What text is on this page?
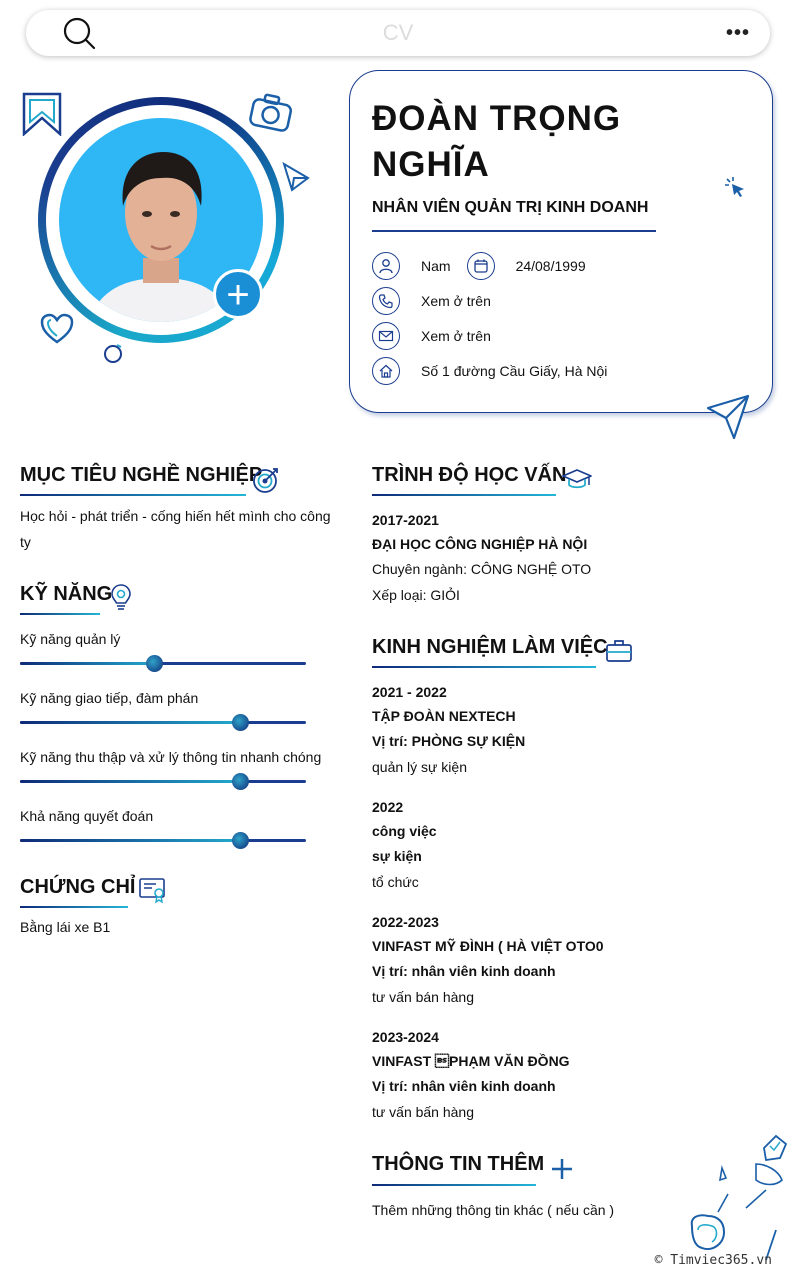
CV	•••
+
ĐOÀN TRỌNG NGHĨA
NHÂN VIÊN QUẢN TRỊ KINH DOANH
Nam	24/08/1999
Xem ở trên
Xem ở trên
Số 1 đường Cầu Giấy, Hà Nội
MỤC TIÊU NGHỀ NGHIỆP
Học hỏi - phát triển - cống hiến hết mình cho công
ty
KỸ NĂNG
Kỹ năng quản lý
Kỹ năng giao tiếp, đàm phán
Kỹ năng thu thập và xử lý thông tin nhanh chóng
Khả năng quyết đoán
CHỨNG CHỈ
Bằng lái xe B1
TRÌNH ĐỘ HỌC VẤN
2017-2021
ĐẠI HỌC CÔNG NGHIỆP HÀ NỘI
Chuyên ngành: CÔNG NGHỆ OTO
Xếp loại: GIỎI
KINH NGHIỆM LÀM VIỆC
2021 - 2022
TẬP ĐOÀN NEXTECH
Vị trí: PHÒNG SỰ KIỆN
quản lý sự kiện
2022
công việc
sự kiện
tổ chức
2022-2023
VINFAST MỸ ĐÌNH ( HÀ VIỆT OTO0
Vị trí: nhân viên kinh doanh
tư vấn bán hàng
2023-2024
VINFAST PHẠM VĂN ĐỒNG
Vị trí: nhân viên kinh doanh
tư vấn bấn hàng
THÔNG TIN THÊM
Thêm những thông tin khác ( nếu cần )
© Timviec365.vn
